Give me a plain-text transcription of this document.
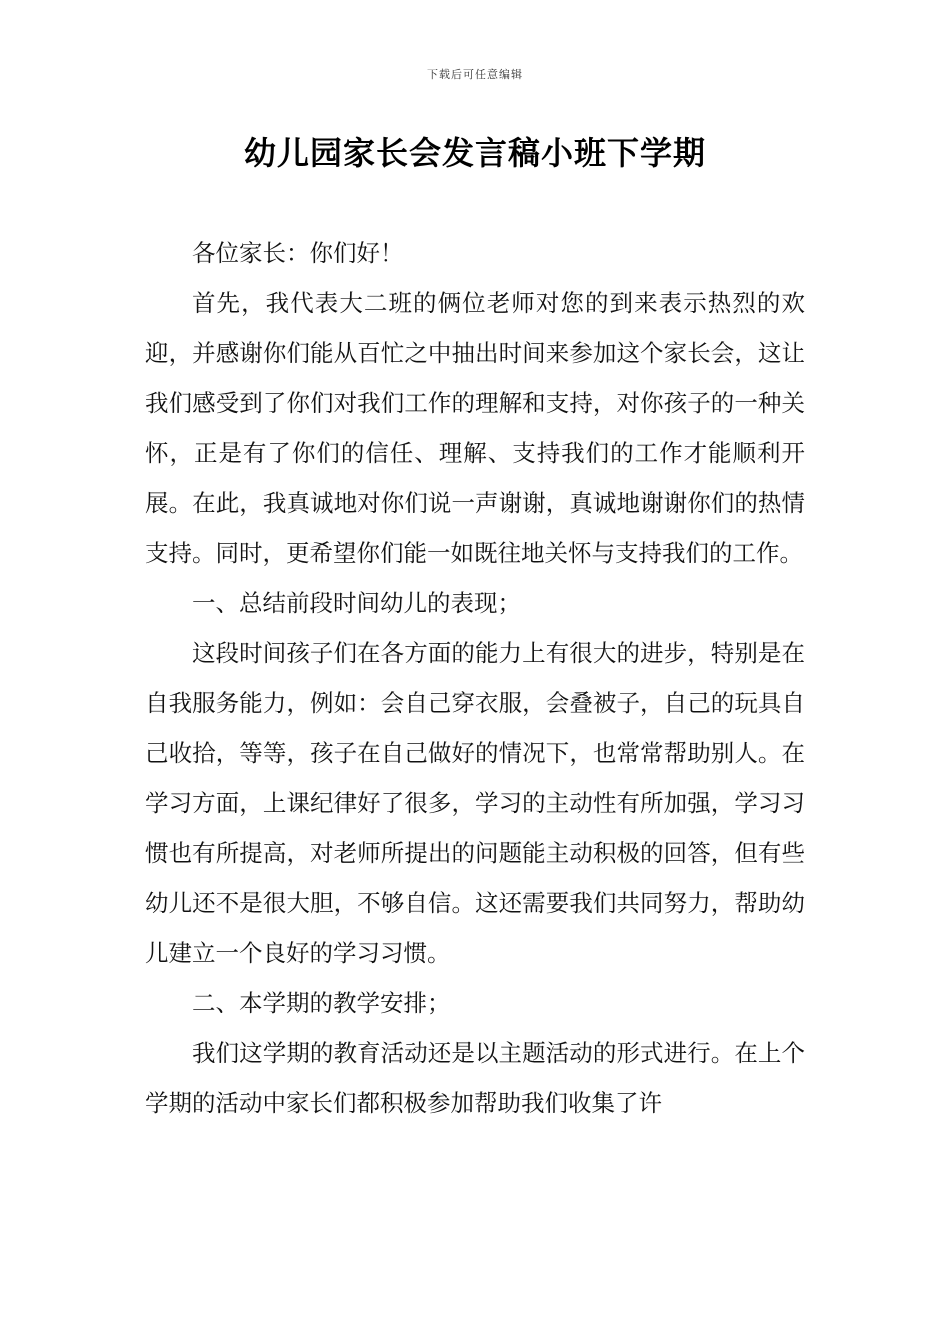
下载后可任意编辑
幼儿园家长会发言稿小班下学期

各位家长：你们好！

首先，我代表大二班的俩位老师对您的到来表示热烈的欢迎，并感谢你们能从百忙之中抽出时间来参加这个家长会，这让我们感受到了你们对我们工作的理解和支持，对你孩子的一种关怀，正是有了你们的信任、理解、支持我们的工作才能顺利开展。在此，我真诚地对你们说一声谢谢，真诚地谢谢你们的热情支持。同时，更希望你们能一如既往地关怀与支持我们的工作。

一、总结前段时间幼儿的表现；

这段时间孩子们在各方面的能力上有很大的进步，特别是在自我服务能力，例如：会自己穿衣服，会叠被子，自己的玩具自己收拾，等等，孩子在自己做好的情况下，也常常帮助别人。在学习方面，上课纪律好了很多，学习的主动性有所加强，学习习惯也有所提高，对老师所提出的问题能主动积极的回答，但有些幼儿还不是很大胆，不够自信。这还需要我们共同努力，帮助幼儿建立一个良好的学习习惯。

二、本学期的教学安排；

我们这学期的教育活动还是以主题活动的形式进行。在上个学期的活动中家长们都积极参加帮助我们收集了许
